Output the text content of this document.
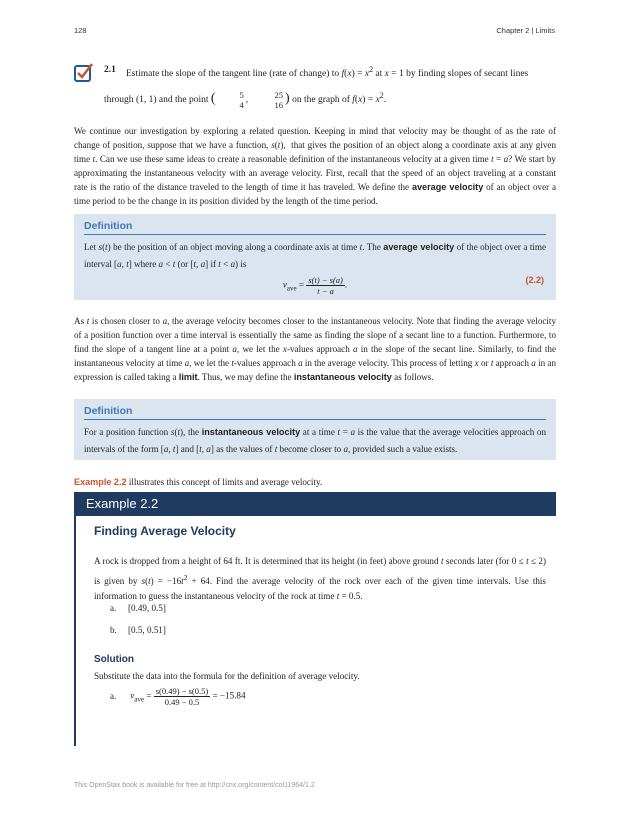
128	Chapter 2 | Limits
2.1	Estimate the slope of the tangent line (rate of change) to $f(x) = x^2$ at x = 1 by finding slopes of secant lines through (1, 1) and the point (	5
4 ,
25
16 ) on the graph of $f(x) = x^2$.
We continue our investigation by exploring a related question. Keeping in mind that velocity may be thought of as the rate of change of position, suppose that we have a function, s(t),  that gives the position of an object along a coordinate axis at any given time t. Can we use these same ideas to create a reasonable definition of the instantaneous velocity at a given time t = a? We start by approximating the instantaneous velocity with an average velocity. First, recall that the speed of an object traveling at a constant rate is the ratio of the distance traveled to the length of time it has traveled. We define the average velocity of an object over a time period to be the change in its position divided by the length of the time period.
Definition
Let s(t) be the position of an object moving along a coordinate axis at time t. The average velocity of the object over a time interval [a, t] where a < t (or [t, a] if t < a) is
$v_{ave} = \frac{s(t) - s(a)}{t - a}$ .	(2.2)
As t is chosen closer to a, the average velocity becomes closer to the instantaneous velocity. Note that finding the average velocity of a position function over a time interval is essentially the same as finding the slope of a secant line to a function. Furthermore, to find the slope of a tangent line at a point a, we let the x-values approach a in the slope of the secant line. Similarly, to find the instantaneous velocity at time a, we let the t-values approach a in the average velocity. This process of letting x or t approach a in an expression is called taking a limit. Thus, we may define the instantaneous velocity as follows.
Definition
For a position function s(t), the instantaneous velocity at a time t = a is the value that the average velocities approach on intervals of the form [a, t] and [t, a] as the values of t become closer to a, provided such a value exists.
Example 2.2 illustrates this concept of limits and average velocity.
Example 2.2
Finding Average Velocity
A rock is dropped from a height of 64 ft. It is determined that its height (in feet) above ground t seconds later (for 0 ≤ t ≤ 2) is given by $s(t) = -16t^2 + 64$. Find the average velocity of the rock over each of the given time intervals. Use this information to guess the instantaneous velocity of the rock at time t = 0.5.
a. [0.49, 0.5]
b. [0.5, 0.51]
Solution
Substitute the data into the formula for the definition of average velocity.
a. $v_{ave} = \frac{s(0.49) - s(0.5)}{0.49 - 0.5} = -15.84$
This OpenStax book is available for free at http://cnx.org/content/col11964/1.2
